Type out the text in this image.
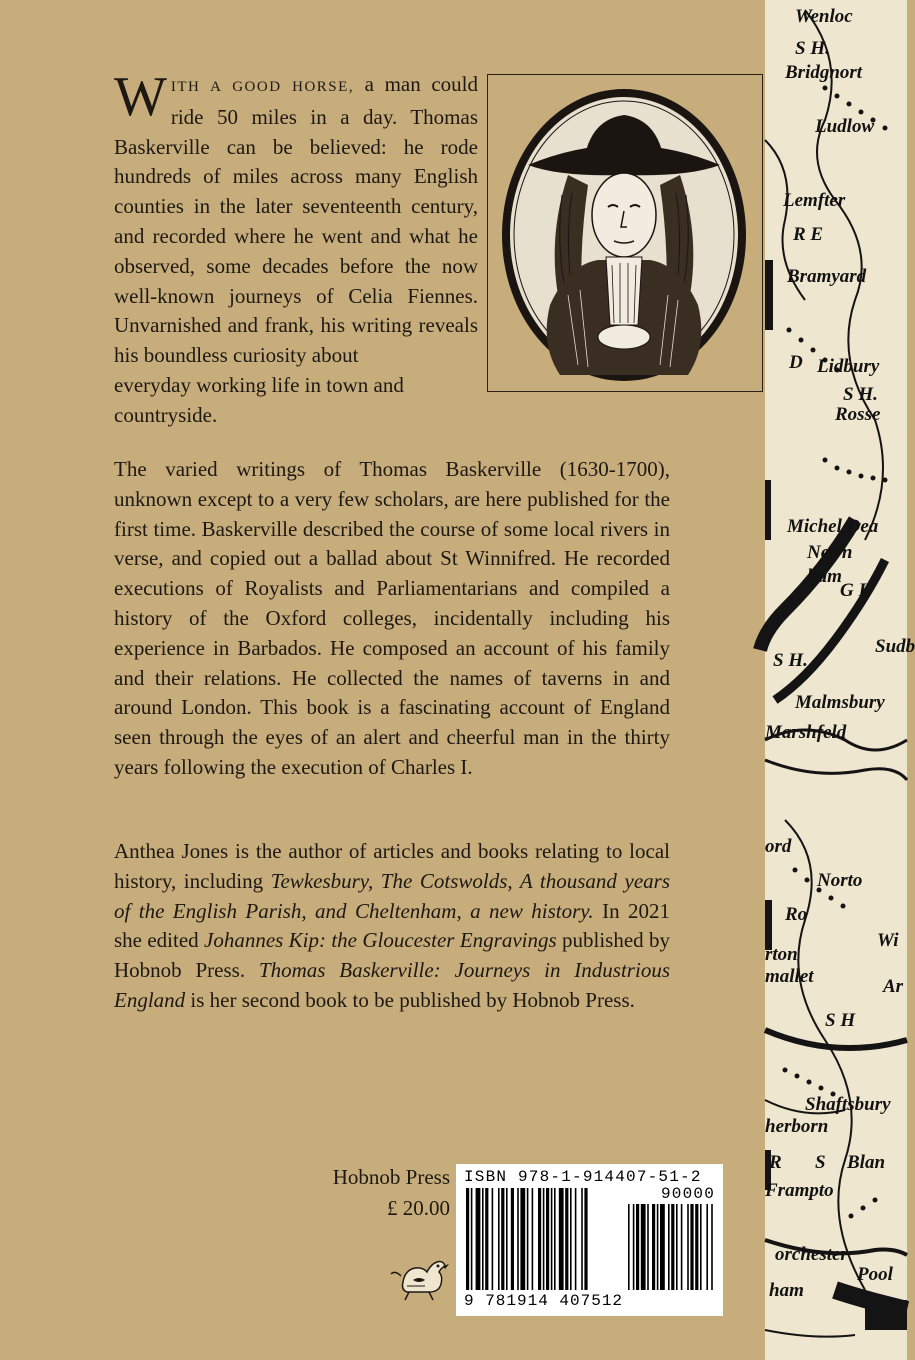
Wenloc
S H.
Bridgnort
Ludlow
Lemfter
R E
Bramyard
D Lidbury
S H.
Rosse
Michel Dea
Newn
ham
G L
S H.
Sudb
Malmsbury
Marshfeld
ord
Norto
Ro
rton
mallet
Wi
Ar
S H
Shaftsbury
herborn
R S Blan
Frampto
orchester
Pool
ham

WITH A GOOD HORSE, a man could ride 50 miles in a day. Thomas Baskerville can be believed: he rode hundreds of miles across many English counties in the later seventeenth century, and recorded where he went and what he observed, some decades before the now well-known journeys of Celia Fiennes. Unvarnished and frank, his writing reveals his boundless curiosity about
everyday working life in town and countryside.

The varied writings of Thomas Baskerville (1630-1700), unknown except to a very few scholars, are here published for the first time. Baskerville described the course of some local rivers in verse, and copied out a ballad about St Winnifred. He recorded executions of Royalists and Parliamentarians and compiled a history of the Oxford colleges, incidentally including his experience in Barbados. He composed an account of his family and their relations. He collected the names of taverns in and around London. This book is a fascinating account of England seen through the eyes of an alert and cheerful man in the thirty years following the execution of Charles I.

Anthea Jones is the author of articles and books relating to local history, including Tewkesbury, The Cotswolds, A thousand years of the English Parish, and Cheltenham, a new history. In 2021 she edited Johannes Kip: the Gloucester Engravings published by Hobnob Press. Thomas Baskerville: Journeys in Industrious England is her second book to be published by Hobnob Press.

Hobnob Press
£ 20.00
ISBN 978-1-914407-51-2
90000
9 781914 407512
